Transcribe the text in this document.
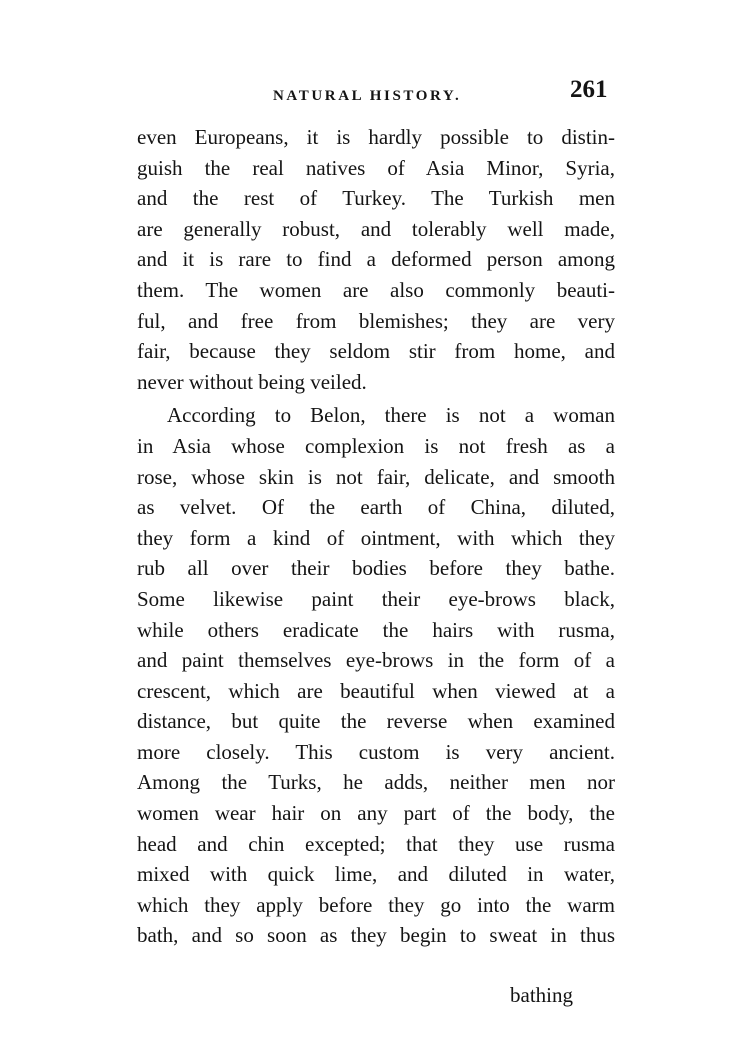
NATURAL HISTORY.	261
even Europeans, it is hardly possible to distin-
guish the real natives of Asia Minor, Syria,
and the rest of Turkey. The Turkish men
are generally robust, and tolerably well made,
and it is rare to find a deformed person among
them. The women are also commonly beauti-
ful, and free from blemishes; they are very
fair, because they seldom stir from home, and
never without being veiled.
According to Belon, there is not a woman
in Asia whose complexion is not fresh as a
rose, whose skin is not fair, delicate, and smooth
as velvet. Of the earth of China, diluted,
they form a kind of ointment, with which they
rub all over their bodies before they bathe.
Some likewise paint their eye-brows black,
while others eradicate the hairs with rusma,
and paint themselves eye-brows in the form of a
crescent, which are beautiful when viewed at a
distance, but quite the reverse when examined
more closely. This custom is very ancient.
Among the Turks, he adds, neither men nor
women wear hair on any part of the body, the
head and chin excepted; that they use rusma
mixed with quick lime, and diluted in water,
which they apply before they go into the warm
bath, and so soon as they begin to sweat in thus
bathing
